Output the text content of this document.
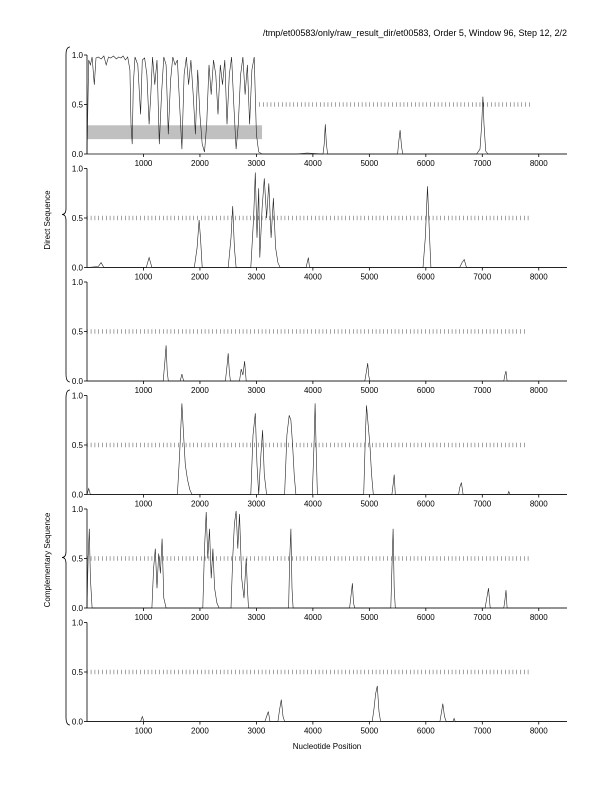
/tmp/et00583/only/raw_result_dir/et00583, Order 5, Window 96, Step 12, 2/2
0.0
0.5
1.0
1000	2000	3000	4000	5000	6000	7000	8000
0.0
0.5
1.0
1000	2000	3000	4000	5000	6000	7000	8000
0.0
0.5
1.0
1000	2000	3000	4000	5000	6000	7000	8000
0.0
0.5
1.0
1000	2000	3000	4000	5000	6000	7000	8000
0.0
0.5
1.0
1000	2000	3000	4000	5000	6000	7000	8000
0.0
0.5
1.0
1000	2000	3000	4000	5000	6000	7000	8000
Direct Sequence
Complementary Sequence
Nucleotide Position
